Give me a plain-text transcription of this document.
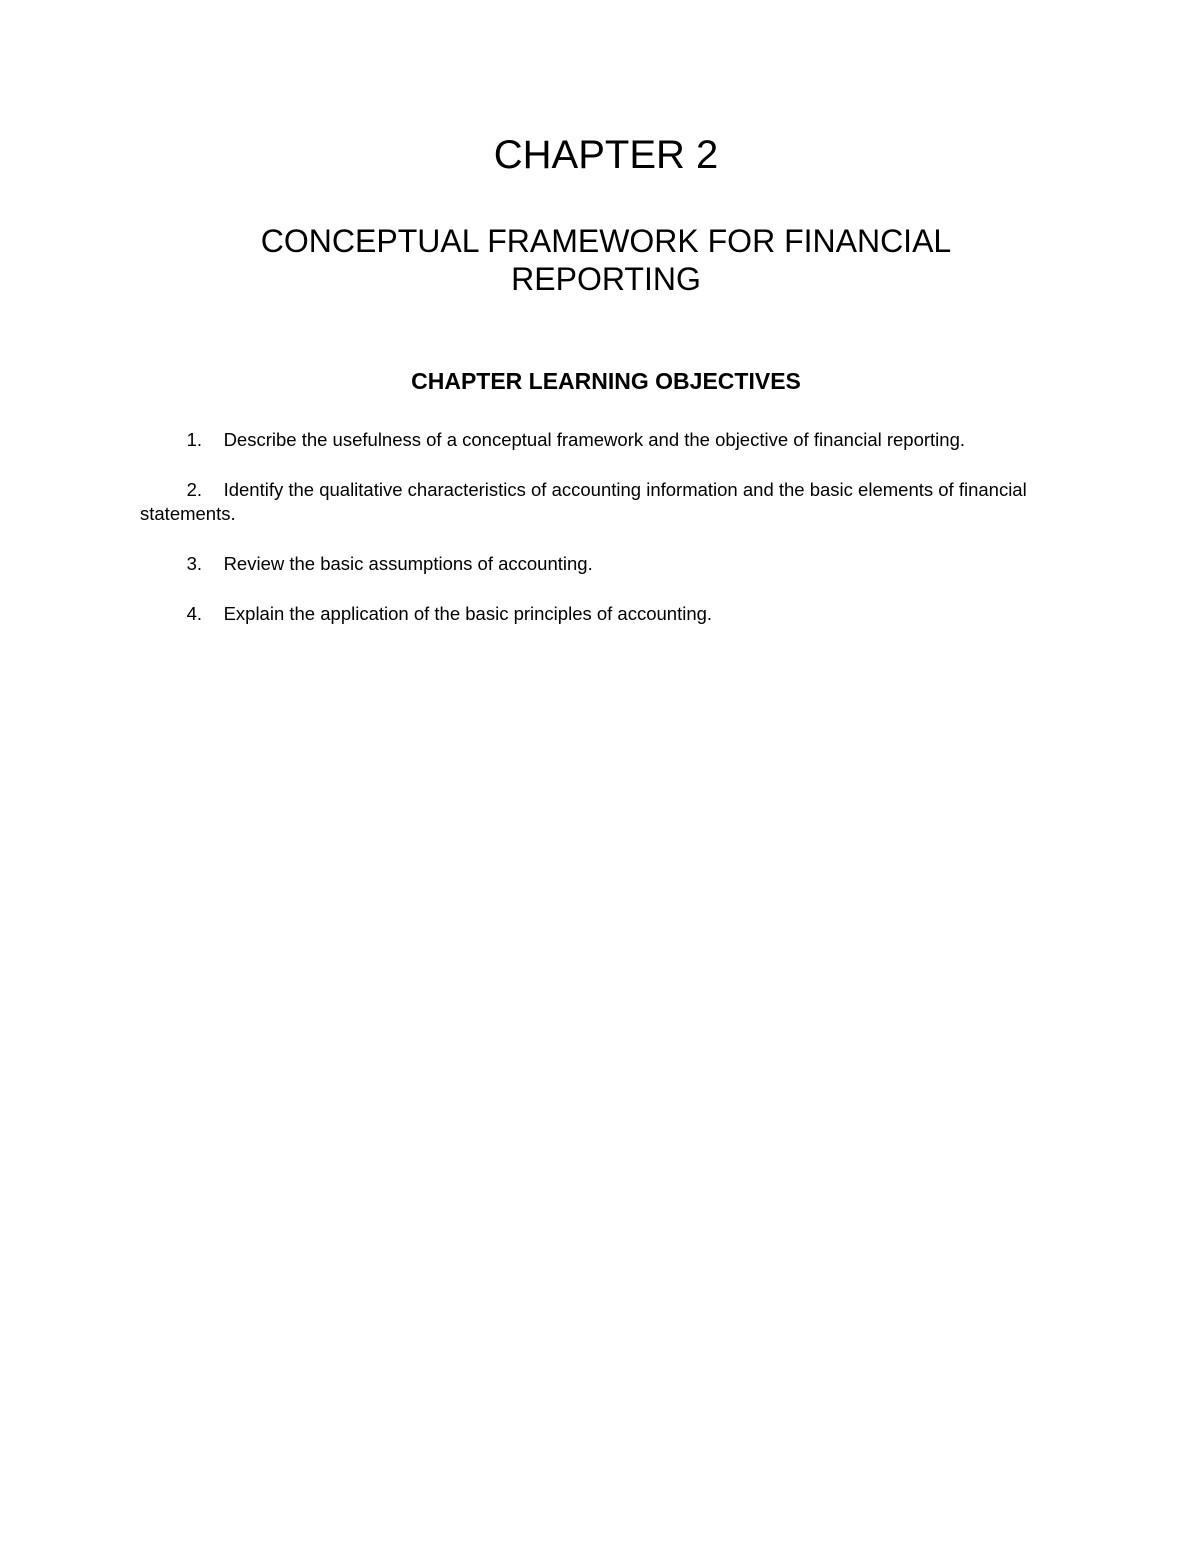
CHAPTER 2
CONCEPTUAL FRAMEWORK FOR FINANCIAL
REPORTING
CHAPTER LEARNING OBJECTIVES

1. Describe the usefulness of a conceptual framework and the objective of financial reporting.

2. Identify the qualitative characteristics of accounting information and the basic elements of financial statements.

3. Review the basic assumptions of accounting.

4. Explain the application of the basic principles of accounting.
